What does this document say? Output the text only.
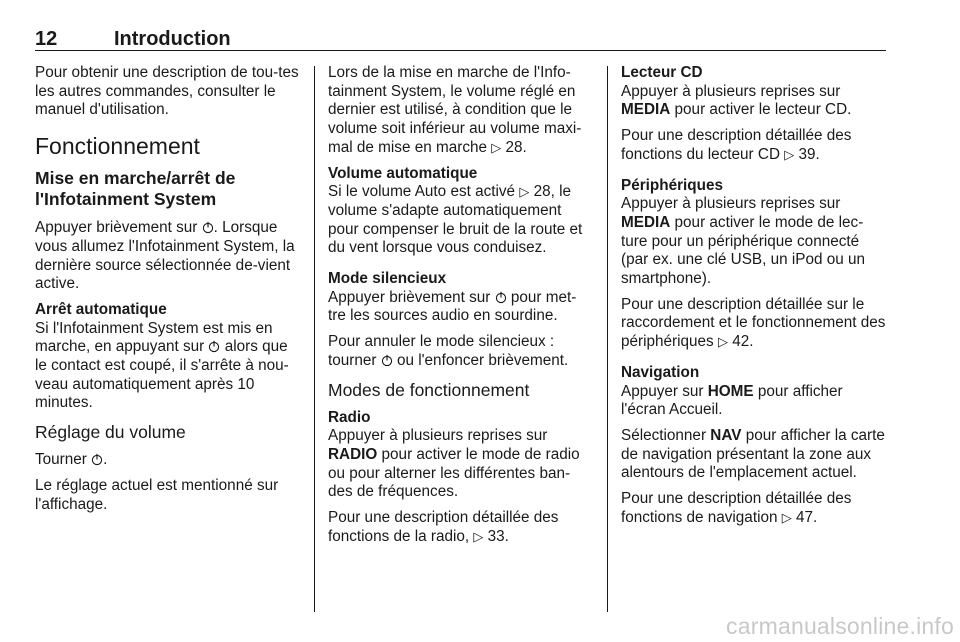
12	Introduction

Pour obtenir une description de tou-tes les autres commandes, consulter le manuel d'utilisation.

Fonctionnement
Mise en marche/arrêt de l'Infotainment System

Appuyer brièvement sur . Lorsque vous allumez l'Infotainment System, la dernière source sélectionnée de-vient active.

Arrêt automatique
Si l'Infotainment System est mis en marche, en appuyant sur alors que le contact est coupé, il s'arrête à nou-veau automatiquement après 10 minutes.

Réglage du volume

Tourner .

Le réglage actuel est mentionné sur l'affichage.

Lors de la mise en marche de l'Info-tainment System, le volume réglé en dernier est utilisé, à condition que le volume soit inférieur au volume maxi-mal de mise en marche ▷ 28.

Volume automatique
Si le volume Auto est activé ▷ 28, le volume s'adapte automatiquement pour compenser le bruit de la route et du vent lorsque vous conduisez.

Mode silencieux
Appuyer brièvement sur pour met-tre les sources audio en sourdine.

Pour annuler le mode silencieux : tourner ou l'enfoncer brièvement.

Modes de fonctionnement

Radio
Appuyer à plusieurs reprises sur RADIO pour activer le mode de radio ou pour alterner les différentes ban-des de fréquences.

Pour une description détaillée des fonctions de la radio, ▷ 33.

Lecteur CD
Appuyer à plusieurs reprises sur MEDIA pour activer le lecteur CD.

Pour une description détaillée des fonctions du lecteur CD ▷ 39.

Périphériques
Appuyer à plusieurs reprises sur MEDIA pour activer le mode de lec-ture pour un périphérique connecté (par ex. une clé USB, un iPod ou un smartphone).

Pour une description détaillée sur le raccordement et le fonctionnement des périphériques ▷ 42.

Navigation
Appuyer sur HOME pour afficher l'écran Accueil.

Sélectionner NAV pour afficher la carte de navigation présentant la zone aux alentours de l'emplacement actuel.

Pour une description détaillée des fonctions de navigation ▷ 47.

carmanualsonline.info
